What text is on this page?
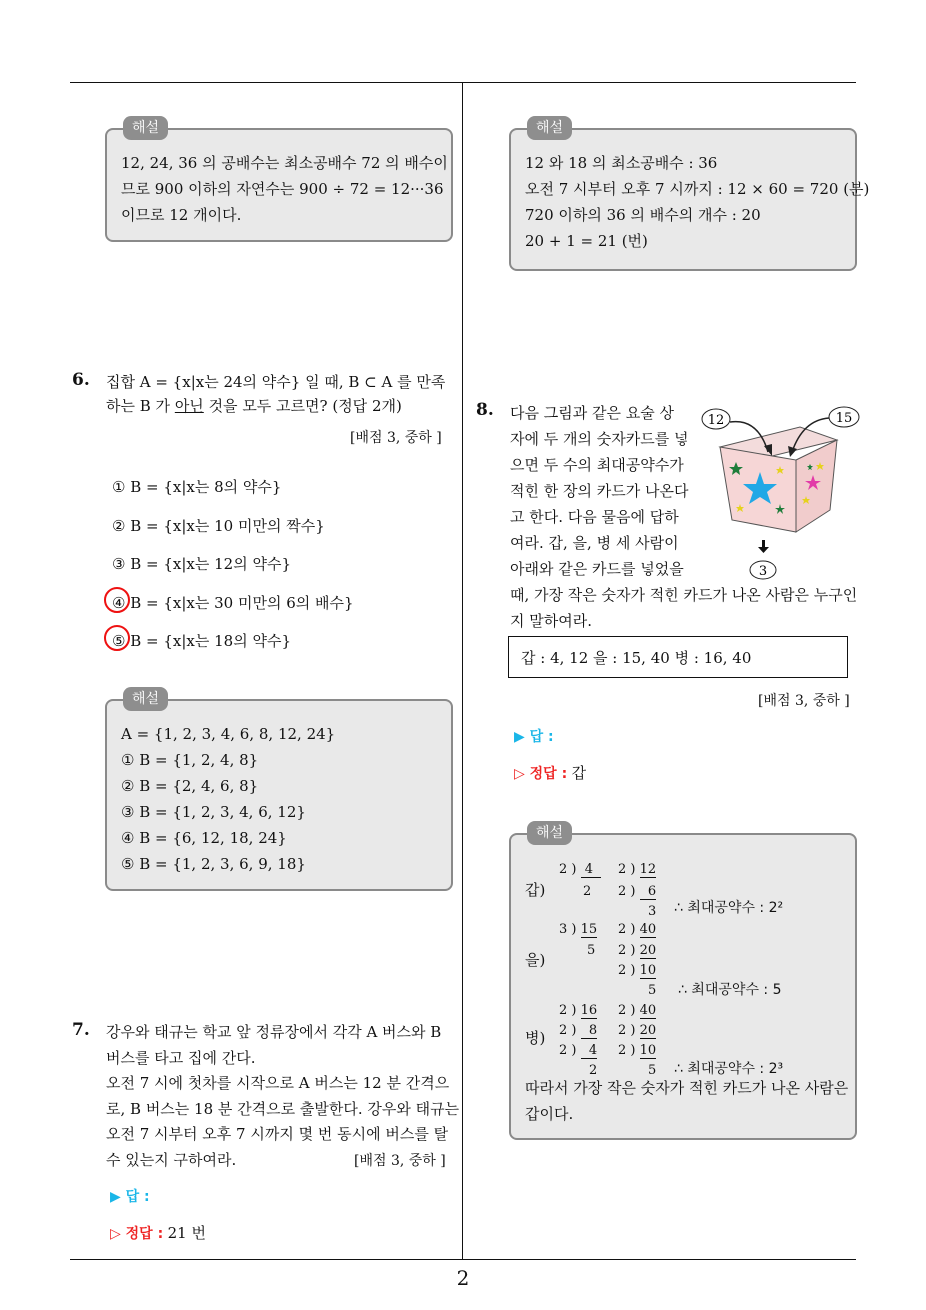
2
해설
12, 24, 36 의 공배수는 최소공배수 72 의 배수이
므로 900 이하의 자연수는 900 ÷ 72 = 12···36
이므로 12 개이다.
해설
12 와 18 의 최소공배수 : 36
오전 7 시부터 오후 7 시까지 : 12 × 60 = 720 (분)
720 이하의 36 의 배수의 개수 : 20
20 + 1 = 21 (번)
6. 집합 A = {x|x는 24의 약수} 일 때, B ⊂ A 를 만족
하는 B 가 아닌 것을 모두 고르면? (정답 2개)
[배점 3, 중하 ]
① B = {x|x는 8의 약수}
② B = {x|x는 10 미만의 짝수}
③ B = {x|x는 12의 약수}
④ B = {x|x는 30 미만의 6의 배수}
⑤ B = {x|x는 18의 약수}
해설
A = {1, 2, 3, 4, 6, 8, 12, 24}
① B = {1, 2, 4, 8}
② B = {2, 4, 6, 8}
③ B = {1, 2, 3, 4, 6, 12}
④ B = {6, 12, 18, 24}
⑤ B = {1, 2, 3, 6, 9, 18}
7. 강우와 태규는 학교 앞 정류장에서 각각 A 버스와 B
버스를 타고 집에 간다.
오전 7 시에 첫차를 시작으로 A 버스는 12 분 간격으
로, B 버스는 18 분 간격으로 출발한다. 강우와 태규는
오전 7 시부터 오후 7 시까지 몇 번 동시에 버스를 탈
수 있는지 구하여라.	[배점 3, 중하 ]
▶ 답 :
▷ 정답 : 21 번
8. 다음 그림과 같은 요술 상
자에 두 개의 숫자카드를 넣
으면 두 수의 최대공약수가
적힌 한 장의 카드가 나온다
고 한다. 다음 물음에 답하
여라. 갑, 을, 병 세 사람이
아래와 같은 카드를 넣었을
때, 가장 작은 숫자가 적힌 카드가 나온 사람은 누구인
지 말하여라.
12	15
3
갑 : 4, 12 을 : 15, 40 병 : 16, 40
[배점 3, 중하 ]
▶ 답 :
▷ 정답 : 갑
해설
갑)
2 )  4
2
2 ) 12
2 )   6
3 ∴ 최대공약수 : 2²
을)
3 ) 15
5
2 ) 40
2 ) 20
2 ) 10
5 ∴ 최대공약수 : 5
병)
2 ) 16
2 )   8
2 )   4
2
2 ) 40
2 ) 20
2 ) 10
5 ∴ 최대공약수 : 2³
따라서 가장 작은 숫자가 적힌 카드가 나온 사람은
갑이다.
